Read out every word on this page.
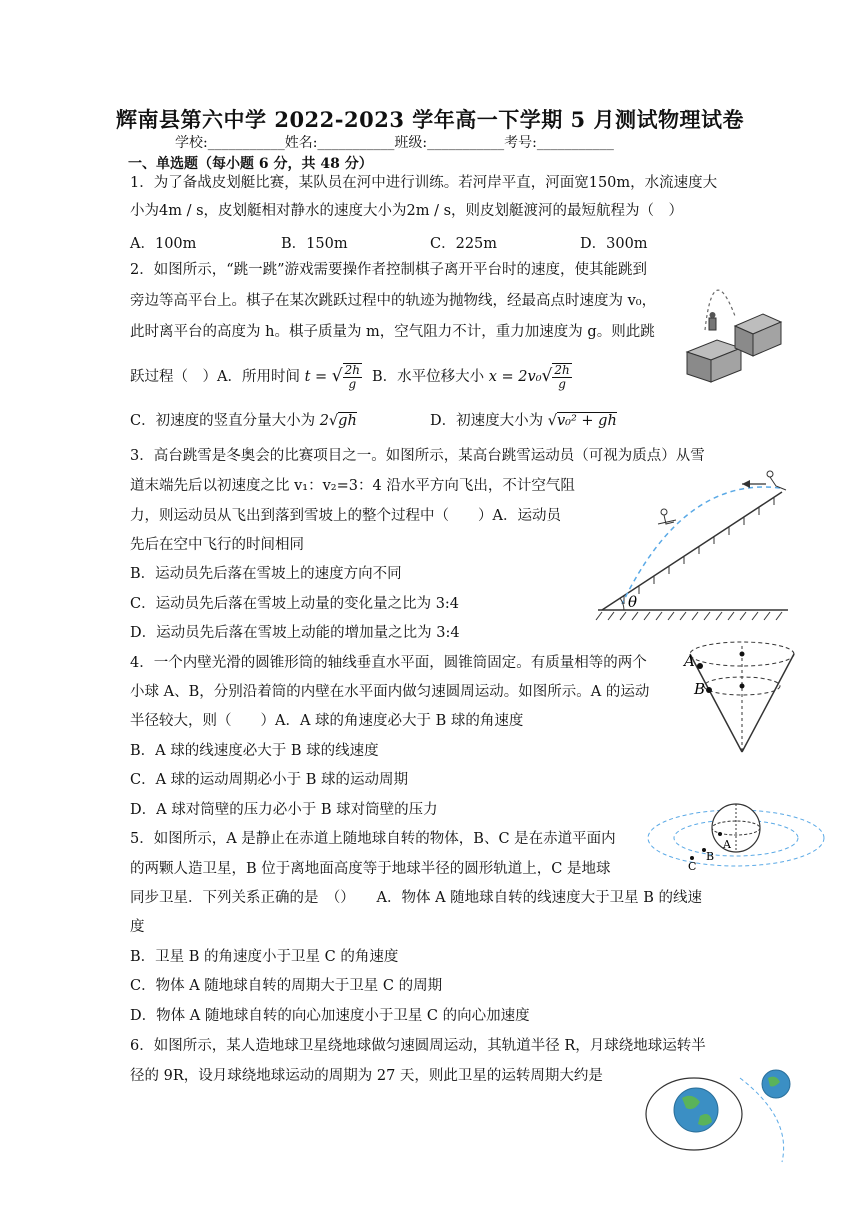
辉南县第六中学 2022-2023 学年高一下学期 5 月测试物理试卷
学校:___________姓名:___________班级:___________考号:___________
一、单选题（每小题 6 分，共 48 分）
1．为了备战皮划艇比赛，某队员在河中进行训练。若河岸平直，河面宽150m，水流速度大
小为4m / s，皮划艇相对静水的速度大小为2m / s，则皮划艇渡河的最短航程为（　）
A．100m	B．150m	C．225m	D．300m
2．如图所示，“跳一跳”游戏需要操作者控制棋子离开平台时的速度，使其能跳到
旁边等高平台上。棋子在某次跳跃过程中的轨迹为抛物线，经最高点时速度为 v₀，
此时离平台的高度为 h。棋子质量为 m，空气阻力不计，重力加速度为 g。则此跳
跃过程（　）A．所用时间 t = √ $\frac{2h}{g}$ B．水平位移大小 $x = 2v_0√ \frac{2h}{g}$
C．初速度的竖直分量大小为 2√gh	D．初速度大小为 √v₀² + gh
3．高台跳雪是冬奥会的比赛项目之一。如图所示，某高台跳雪运动员（可视为质点）从雪
道末端先后以初速度之比 v₁：v₂=3：4 沿水平方向飞出，不计空气阻
力，则运动员从飞出到落到雪坡上的整个过程中（　　）A．运动员
先后在空中飞行的时间相同
B．运动员先后落在雪坡上的速度方向不同
C．运动员先后落在雪坡上动量的变化量之比为 3:4
D．运动员先后落在雪坡上动能的增加量之比为 3:4
θ
4．一个内壁光滑的圆锥形筒的轴线垂直水平面，圆锥筒固定。有质量相等的两个
小球 A、B，分别沿着筒的内壁在水平面内做匀速圆周运动。如图所示。A 的运动
半径较大，则（　　）A．A 球的角速度必大于 B 球的角速度
B．A 球的线速度必大于 B 球的线速度
C．A 球的运动周期必小于 B 球的运动周期
D．A 球对筒壁的压力必小于 B 球对筒壁的压力
A
B
5．如图所示，A 是静止在赤道上随地球自转的物体，B、C 是在赤道平面内
的两颗人造卫星，B 位于离地面高度等于地球半径的圆形轨道上，C 是地球
同步卫星．下列关系正确的是　（）　　A．物体 A 随地球自转的线速度大于卫星 B 的线速
度
B．卫星 B 的角速度小于卫星 C 的角速度
C．物体 A 随地球自转的周期大于卫星 C 的周期
D．物体 A 随地球自转的向心加速度小于卫星 C 的向心加速度
A
B
C
6．如图所示，某人造地球卫星绕地球做匀速圆周运动，其轨道半径 R，月球绕地球运转半
径的 9R，设月球绕地球运动的周期为 27 天，则此卫星的运转周期大约是
